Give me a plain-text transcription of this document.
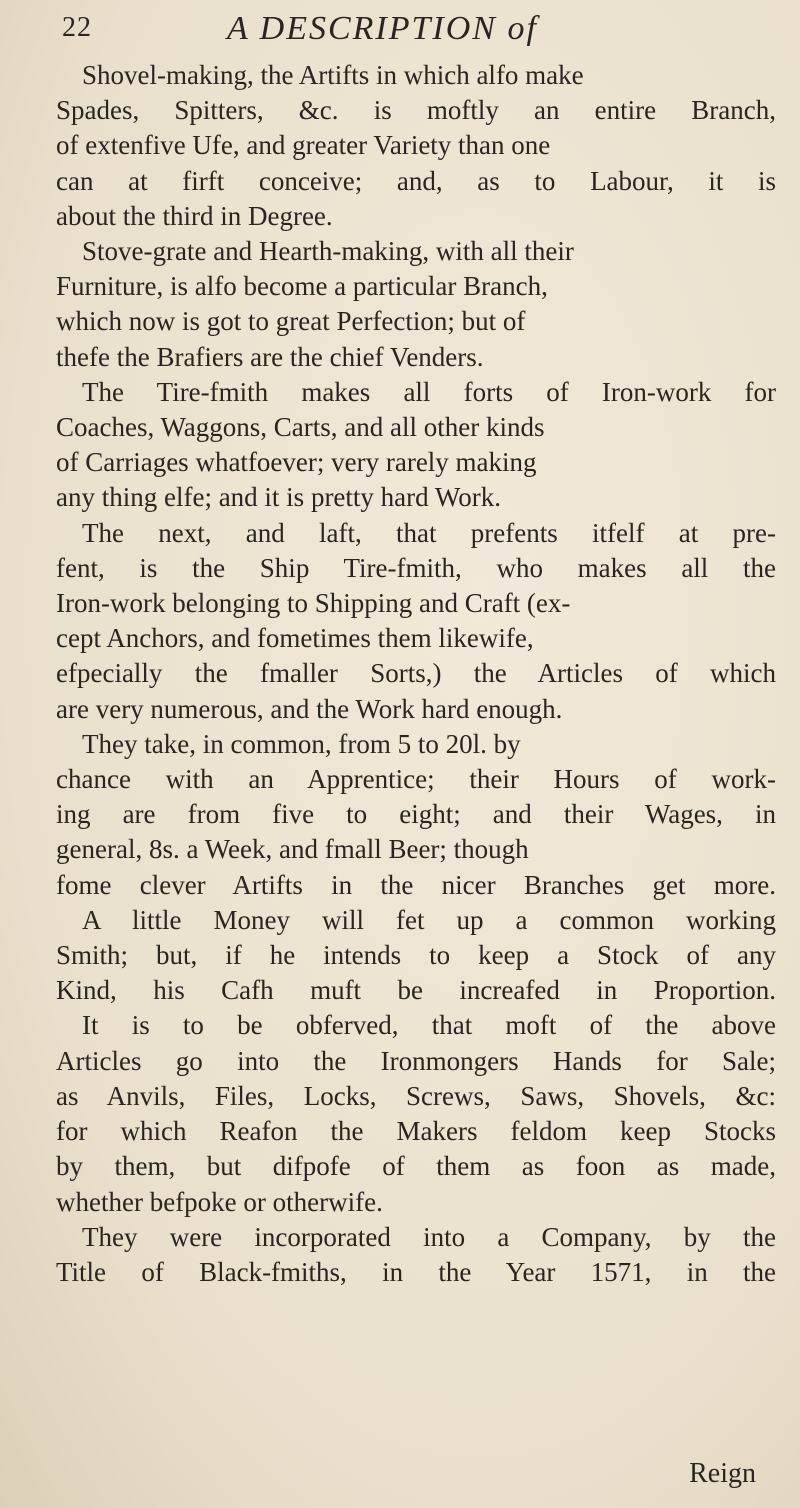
22	A DESCRIPTION of
Shovel-making, the Artifts in which alfo make
Spades, Spitters, &c. is moftly an entire Branch,
of extenfive Ufe, and greater Variety than one
can at firft conceive; and, as to Labour, it is
about the third in Degree.
Stove-grate and Hearth-making, with all their
Furniture, is alfo become a particular Branch,
which now is got to great Perfection; but of
thefe the Brafiers are the chief Venders.
The Tire-fmith makes all forts of Iron-work for
Coaches, Waggons, Carts, and all other kinds
of Carriages whatfoever; very rarely making
any thing elfe; and it is pretty hard Work.
The next, and laft, that prefents itfelf at pre-
fent, is the Ship Tire-fmith, who makes all the
Iron-work belonging to Shipping and Craft (ex-
cept Anchors, and fometimes them likewife,
efpecially the fmaller Sorts,) the Articles of which
are very numerous, and the Work hard enough.
They take, in common, from 5 to 20l. by
chance with an Apprentice; their Hours of work-
ing are from five to eight; and their Wages, in
general, 8s. a Week, and fmall Beer; though
fome clever Artifts in the nicer Branches get more.
A little Money will fet up a common working
Smith; but, if he intends to keep a Stock of any
Kind, his Cafh muft be increafed in Proportion.
It is to be obferved, that moft of the above
Articles go into the Ironmongers Hands for Sale;
as Anvils, Files, Locks, Screws, Saws, Shovels, &c:
for which Reafon the Makers feldom keep Stocks
by them, but difpofe of them as foon as made,
whether befpoke or otherwife.
They were incorporated into a Company, by the
Title of Black-fmiths, in the Year 1571, in the
Reign
